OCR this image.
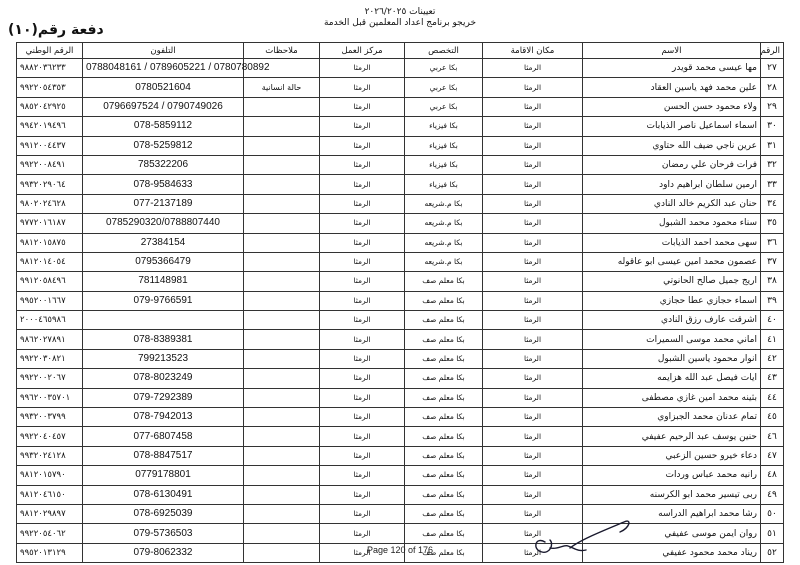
تعيينات ٢٠٢٦/٢٠٢٥
خريجو برنامج اعداد المعلمين قبل الخدمة
دفعة رقم(١٠)
الرقم	الاسم	مكان الاقامة	التخصص	مركز العمل	ملاحظات	التلفون	الرقم الوطني
٢٧	مها عيسى محمد قويدر	الرمثا	بكا عربي	الرمثا		0788048161 / 0789605221 / 0780780892	٩٨٨٢٠٣٦٢٣٣
٢٨	علين محمد فهد ياسين العقاد	الرمثا	بكا عربي	الرمثا	حالة انسانية	0780521604	٩٩٢٢٠٥٤٣٥٣
٢٩	ولاء محمود حسن الحسن	الرمثا	بكا عربي	الرمثا		0796697524 / 0790749026	٩٨٥٢٠٤٢٩٢٥
٣٠	اسماء اسماعيل ناصر الذيابات	الرمثا	بكا فيزياء	الرمثا		078-5859112	٩٩٤٢٠١٩٤٩٦
٣١	عرين ناجي ضيف الله حتاوي	الرمثا	بكا فيزياء	الرمثا		078-5259812	٩٩١٢٠٠٤٤٣٧
٣٢	فرات فرحان علي رمضان	الرمثا	بكا فيزياء	الرمثا		785322206	٩٩٢٢٠٠٨٤٩١
٣٣	ارمين سلطان ابراهيم داود	الرمثا	بكا فيزياء	الرمثا		078-9584633	٩٩٣٢٠٢٩٠٦٤
٣٤	حنان عبد الكريم خالد النادي	الرمثا	بكا م.شريعه	الرمثا		077-2137189	٩٨٠٢٠٢٤٦٢٨
٣٥	سناء محمود محمد الشبول	الرمثا	بكا م.شريعه	الرمثا		0785290320/0788807440	٩٧٧٢٠١٦١٨٧
٣٦	سهى محمد احمد الذيابات	الرمثا	بكا م.شريعه	الرمثا		27384154	٩٨١٢٠١٥٨٧٥
٣٧	عصمون محمد امين عيسى ابو عاقوله	الرمثا	بكا م.شريعه	الرمثا		0795366479	٩٨١٢٠١٤٠٥٤
٣٨	اريج جميل صالح الحانوتي	الرمثا	بكا معلم صف	الرمثا		781148981	٩٩١٢٠٥٨٤٩٦
٣٩	اسماء حجازي عطا حجازي	الرمثا	بكا معلم صف	الرمثا		079-9766591	٩٩٥٢٠٠١٦٦٧
٤٠	اشرقت عارف رزق النادي	الرمثا	بكا معلم صف	الرمثا			٢٠٠٠٤٦٥٩٨٦
٤١	اماني محمد موسى السميرات	الرمثا	بكا معلم صف	الرمثا		078-8389381	٩٨٦٢٠٢٧٨٩١
٤٢	انوار محمود ياسين الشبول	الرمثا	بكا معلم صف	الرمثا		799213523	٩٩٢٢٠٣٠٨٢١
٤٣	ايات فيصل عبد الله هزايمه	الرمثا	بكا معلم صف	الرمثا		078-8023249	٩٩٢٢٠٠٢٠٦٧
٤٤	بثينه محمد امين غازي مصطفى	الرمثا	بكا معلم صف	الرمثا		079-7292389	٩٩٦٢٠٠٣٥٧٠١
٤٥	تمام عدنان محمد الجبزاوي	الرمثا	بكا معلم صف	الرمثا		078-7942013	٩٩٣٢٠٠٣٧٩٩
٤٦	حنين يوسف عبد الرحيم عفيفي	الرمثا	بكا معلم صف	الرمثا		077-6807458	٩٩٢٢٠٤٠٤٥٧
٤٧	دعاء خيرو حسين الزعبي	الرمثا	بكا معلم صف	الرمثا		078-8847517	٩٩٣٢٠٢٤١٢٨
٤٨	رانيه محمد عباس وردات	الرمثا	بكا معلم صف	الرمثا		0779178801	٩٨١٢٠١٥٧٩٠
٤٩	ربى تيسير محمد ابو الكرسنه	الرمثا	بكا معلم صف	الرمثا		078-6130491	٩٨١٢٠٤٦١٥٠
٥٠	رشا محمد ابراهيم الدراسه	الرمثا	بكا معلم صف	الرمثا		078-6925039	٩٨١٢٠٢٩٨٩٧
٥١	روان ايمن موسى عفيفي	الرمثا	بكا معلم صف	الرمثا		079-5736503	٩٩٢٢٠٥٤٠٦٢
٥٢	ريناد محمد محمود عفيفي	الرمثا	بكا معلم صف	الرمثا		079-8062332	٩٩٥٢٠١٣١٢٩	Page 120 of 176
